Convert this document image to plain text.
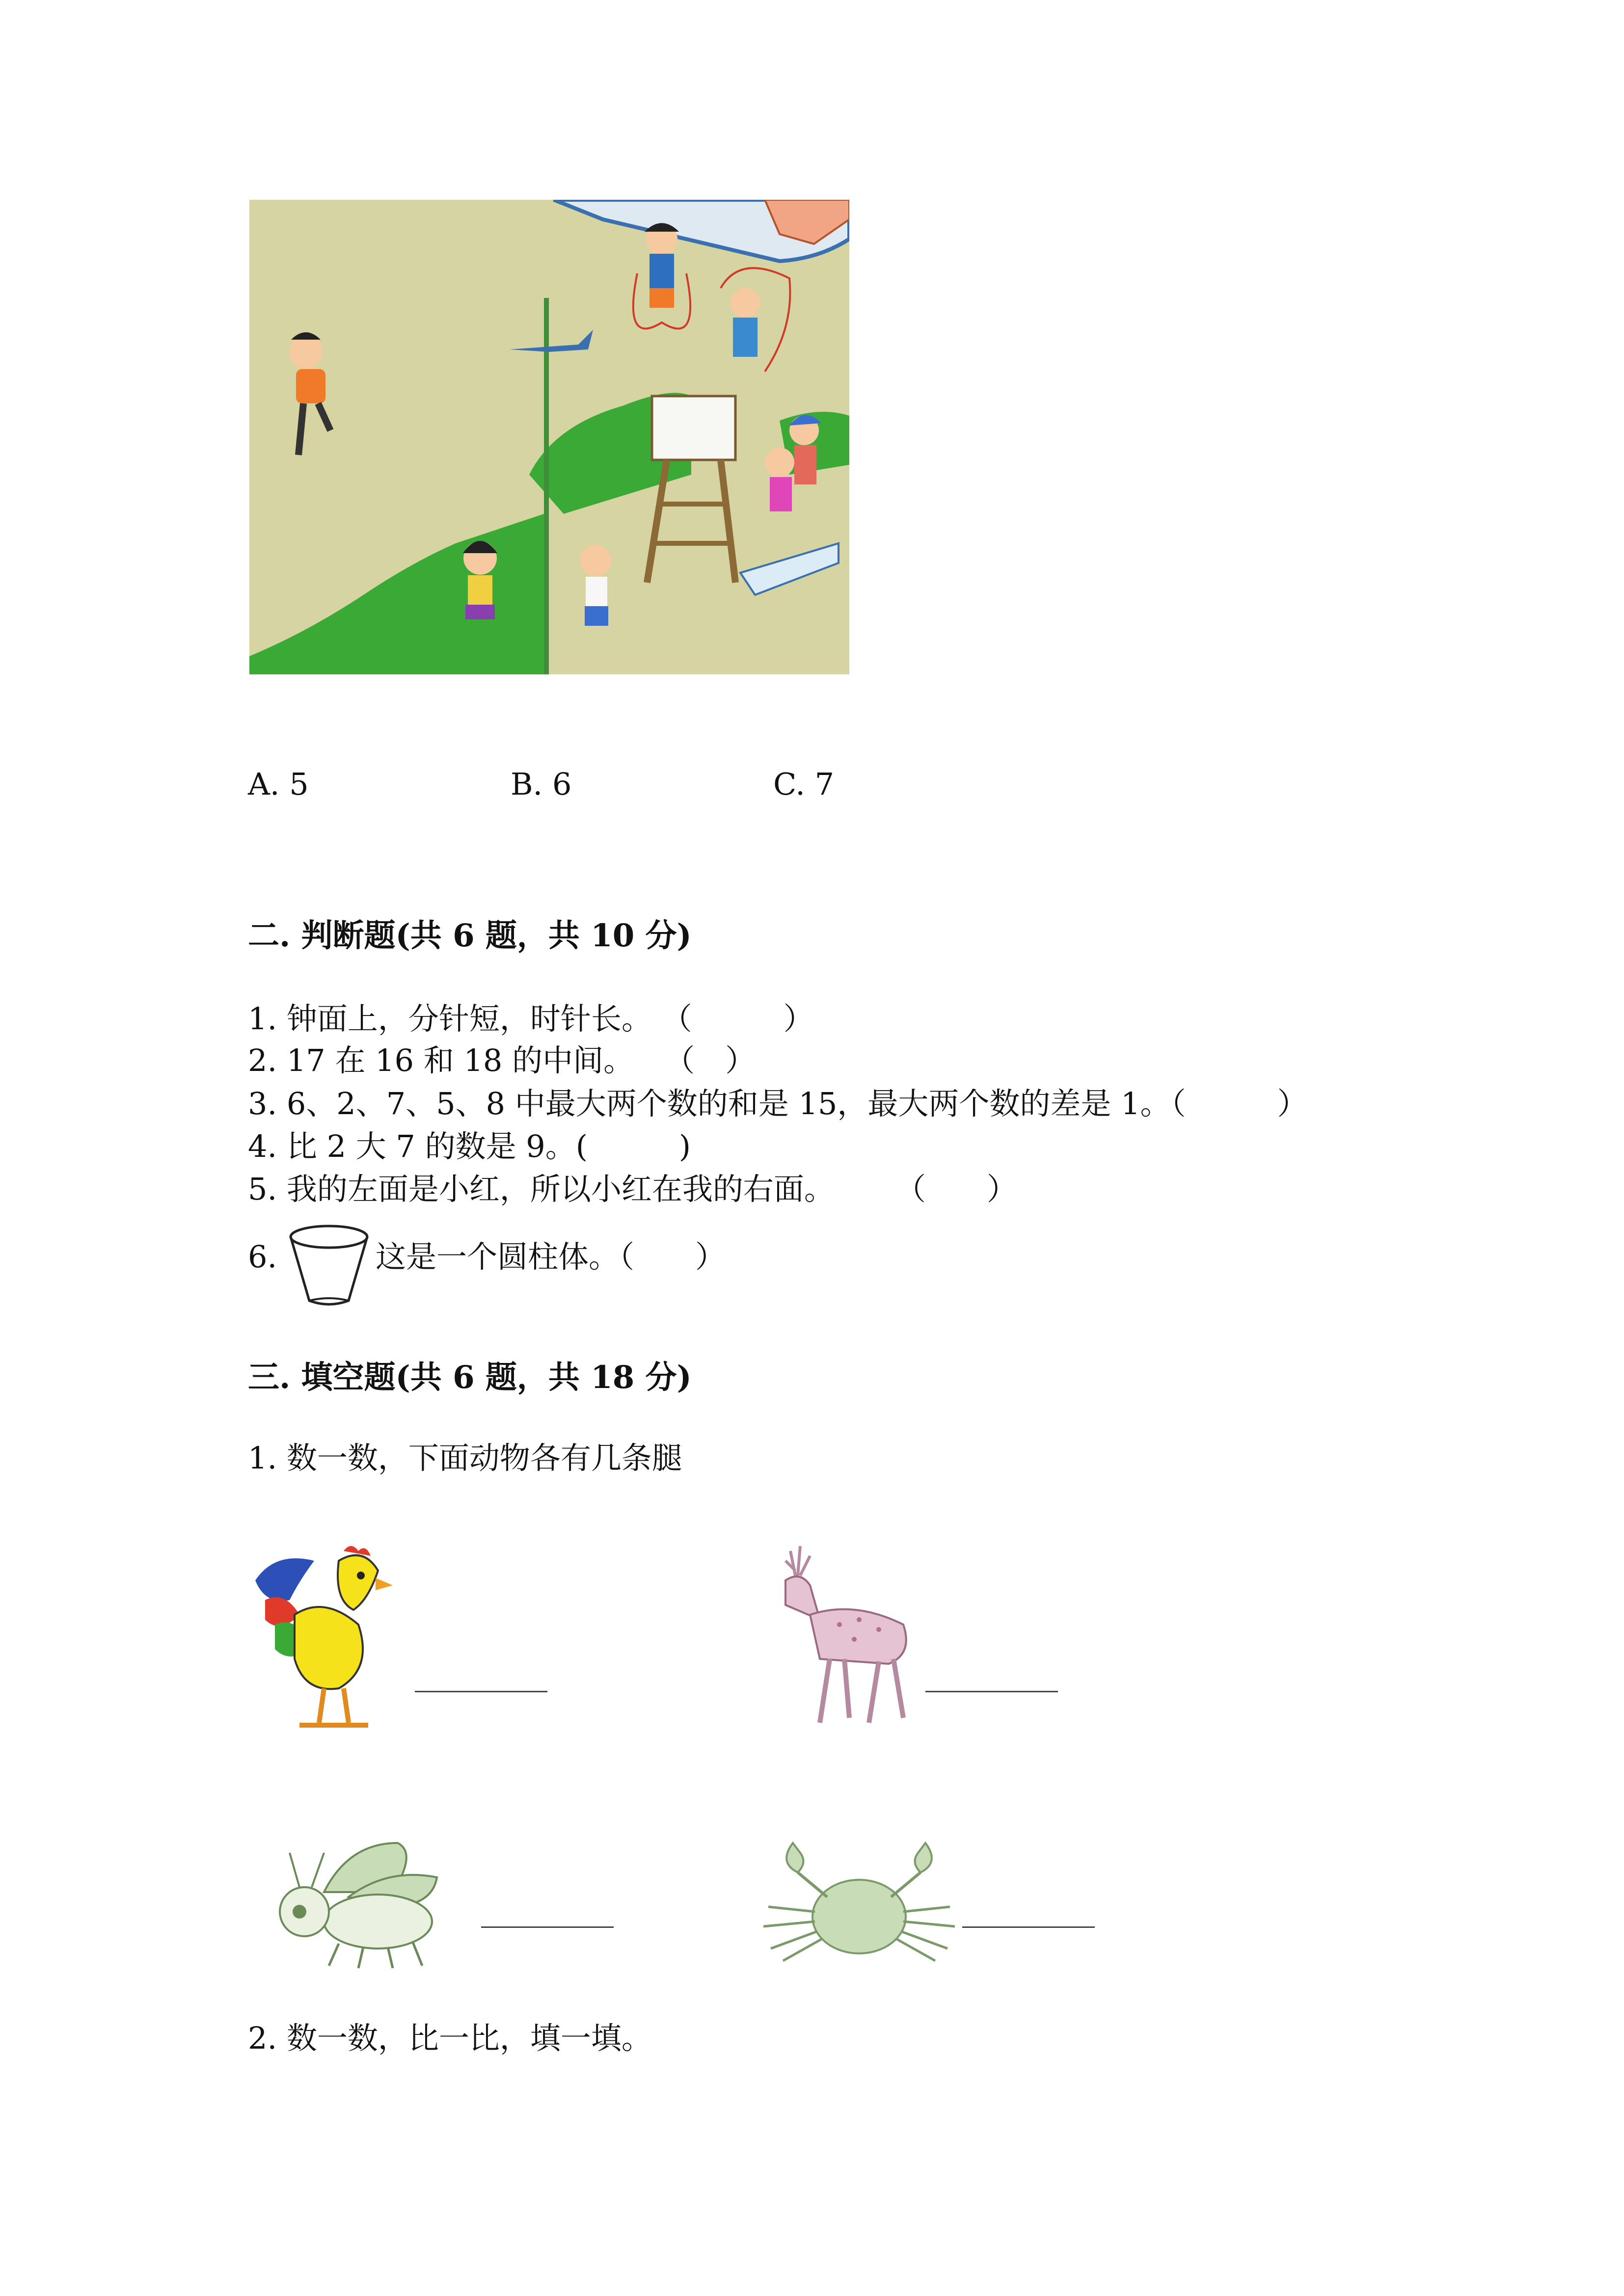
A. 5	B. 6	C. 7
二. 判断题(共 6 题，共 10 分)
1. 钟面上，分针短，时针长。 （　　　）
2. 17 在 16 和 18 的中间。　　（　）
3. 6、2、7、5、8 中最大两个数的和是 15，最大两个数的差是 1。（　　　）
4. 比 2 大 7 的数是 9。(　　　)
5. 我的左面是小红，所以小红在我的右面。　　　（　　）
6.	这是一个圆柱体。（　　）
三. 填空题(共 6 题，共 18 分)
1. 数一数，下面动物各有几条腿
2. 数一数，比一比，填一填。
